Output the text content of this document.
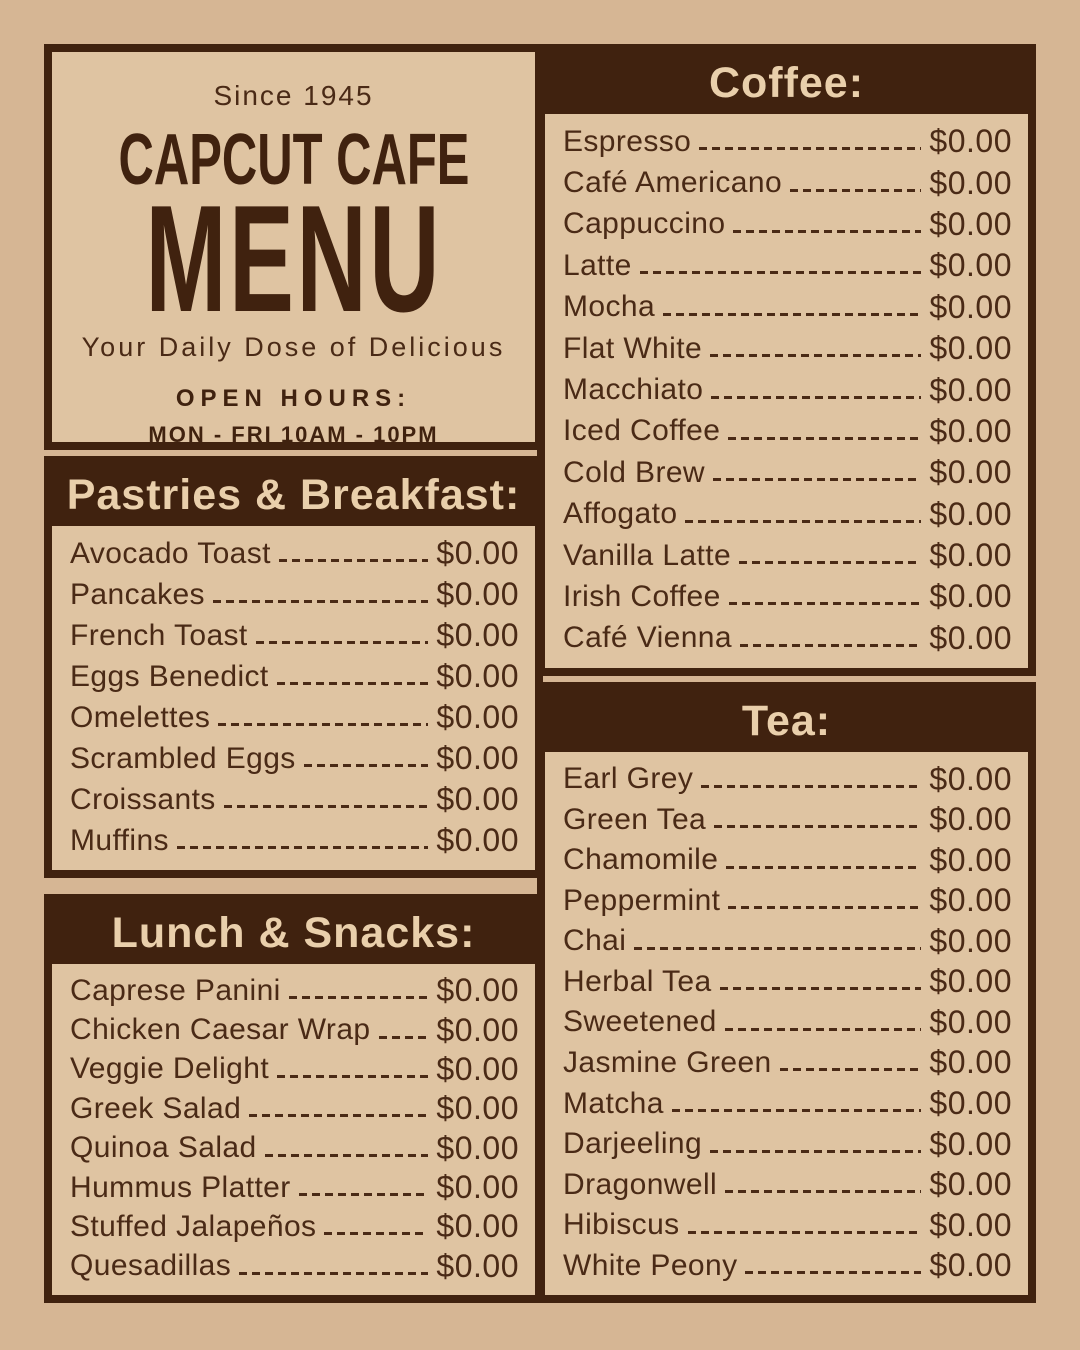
Since 1945
CAPCUT CAFE
MENU
Your Daily Dose of Delicious
OPEN HOURS:
MON - FRI 10AM - 10PM
Pastries & Breakfast:
Avocado Toast	$0.00
Pancakes	$0.00
French Toast	$0.00
Eggs Benedict	$0.00
Omelettes	$0.00
Scrambled Eggs	$0.00
Croissants	$0.00
Muffins	$0.00
Lunch & Snacks:
Caprese Panini	$0.00
Chicken Caesar Wrap $0.00
Veggie Delight	$0.00
Greek Salad	$0.00
Quinoa Salad	$0.00
Hummus Platter	$0.00
Stuffed Jalapeños	$0.00
Quesadillas	$0.00
Coffee:
Espresso	$0.00
Café Americano	$0.00
Cappuccino	$0.00
Latte	$0.00
Mocha	$0.00
Flat White	$0.00
Macchiato	$0.00
Iced Coffee	$0.00
Cold Brew	$0.00
Affogato	$0.00
Vanilla Latte	$0.00
Irish Coffee	$0.00
Café Vienna	$0.00
Tea:
Earl Grey	$0.00
Green Tea	$0.00
Chamomile	$0.00
Peppermint	$0.00
Chai	$0.00
Herbal Tea	$0.00
Sweetened	$0.00
Jasmine Green	$0.00
Matcha	$0.00
Darjeeling	$0.00
Dragonwell	$0.00
Hibiscus	$0.00
White Peony	$0.00
